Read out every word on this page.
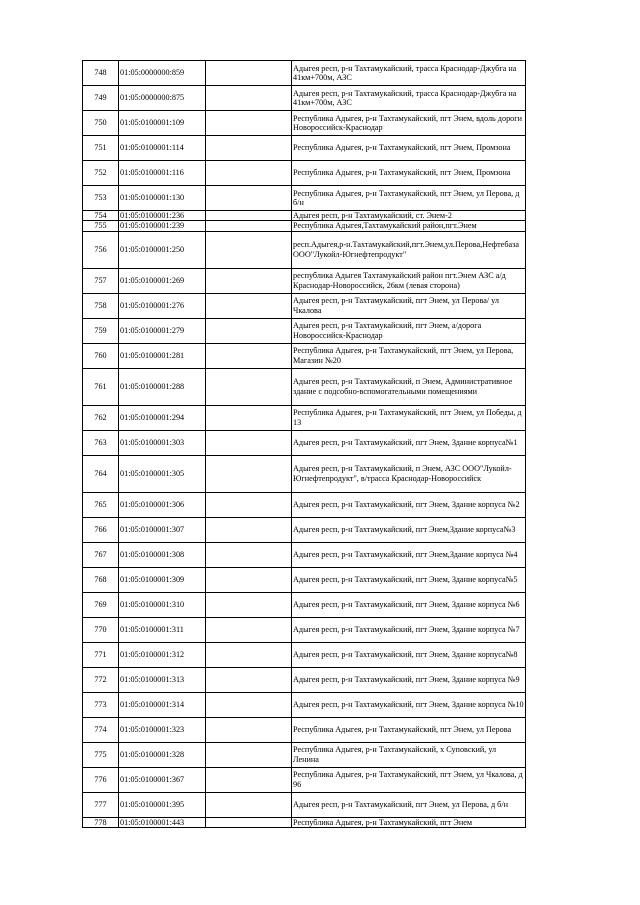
748	01:05:0000000:859		Адыгея респ, р-н Тахтамукайский, трасса Краснодар-Джубга на 41км+700м, АЗС
749	01:05:0000000:875		Адыгея респ, р-н Тахтамукайский, трасса Краснодар-Джубга на 41км+700м, АЗС
750	01:05:0100001:109		Республика Адыгея, р-н Тахтамукайский, пгт Энем, вдоль дороги Новороссийск-Краснодар
751	01:05:0100001:114		Республика Адыгея, р-н Тахтамукайский, пгт Энем, Промзона
752	01:05:0100001:116		Республика Адыгея, р-н Тахтамукайский, пгт Энем, Промзона
753	01:05:0100001:130		Республика Адыгея, р-н Тахтамукайский, пгт Энем, ул Перова, д б/н
754	01:05:0100001:236		Адыгея респ, р-н Тахтамукайский, ст. Энем-2
755	01:05:0100001:239		Республика Адыгея,Тахтамукайский район,пгт.Энем
756	01:05:0100001:250		респ.Адыгея,р-н.Тахтамукайский,пгт.Энем,ул.Перова,Нефтебаза ООО"Лукойл-Югнефтепродукт"
757	01:05:0100001:269		республика Адыгея Тахтамукайский район пгт.Энем АЗС а/д Краснодар-Новороссийск, 26км (левая сторона)
758	01:05:0100001:276		Адыгея респ, р-н Тахтамукайский, пгт Энем, ул Перова/ ул Чкалова
759	01:05:0100001:279		Адыгея респ, р-н Тахтамукайский, пгт Энем, а/дорога Новороссийск-Краснодар
760	01:05:0100001:281		Республика Адыгея, р-н Тахтамукайский, пгт Энем, ул Перова, Магазин №20
761	01:05:0100001:288		Адыгея респ, р-н Тахтамукайский, п Энем, Административное здание с подсобно-вспомогательными помещениями
762	01:05:0100001:294		Республика Адыгея, р-н Тахтамукайский, пгт Энем, ул Победы, д 13
763	01:05:0100001:303		Адыгея респ, р-н Тахтамукайский, пгт Энем, Здание корпуса№1
764	01:05:0100001:305		Адыгея респ, р-н Тахтамукайский, п Энем, АЗС ООО"Лукойл-Югнефтепродукт", в/трасса Краснодар-Новороссийск
765	01:05:0100001:306		Адыгея респ, р-н Тахтамукайский, пгт Энем, Здание корпуса №2
766	01:05:0100001:307		Адыгея респ, р-н Тахтамукайский, пгт Энем,Здание корпуса№3
767	01:05:0100001:308		Адыгея респ, р-н Тахтамукайский, пгт Энем,Здание корпуса №4
768	01:05:0100001:309		Адыгея респ, р-н Тахтамукайский, пгт Энем, Здание корпуса№5
769	01:05:0100001:310		Адыгея респ, р-н Тахтамукайский, пгт Энем, Здание корпуса №6
770	01:05:0100001:311		Адыгея респ, р-н Тахтамукайский, пгт Энем, Здание корпуса №7
771	01:05:0100001:312		Адыгея респ, р-н Тахтамукайский, пгт Энем, Здание корпуса№8
772	01:05:0100001:313		Адыгея респ, р-н Тахтамукайский, пгт Энем, Здание корпуса №9
773	01:05:0100001:314		Адыгея респ, р-н Тахтамукайский, пгт Энем, Здание корпуса №10
774	01:05:0100001:323		Республика Адыгея, р-н Тахтамукайский, пгт Энем, ул Перова
775	01:05:0100001:328		Республика Адыгея, р-н Тахтамукайский, х Суповский, ул Ленина
776	01:05:0100001:367		Республика Адыгея, р-н Тахтамукайский, пгт Энем, ул Чкалова, д 96
777	01:05:0100001:395		Адыгея респ, р-н Тахтамукайский, пгт Энем, ул Перова, д б/н
778	01:05:0100001:443		Республика Адыгея, р-н Тахтамукайский, пгт Энем
